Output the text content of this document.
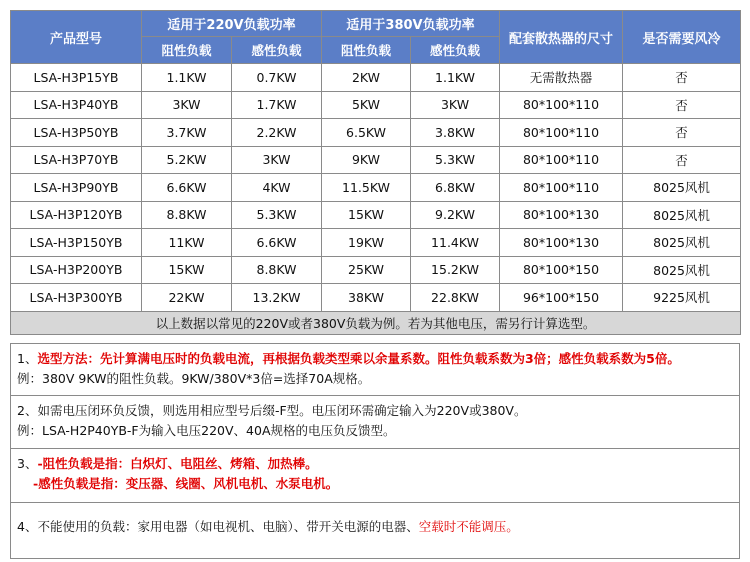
产品型号	适用于220V负载功率		适用于380V负载功率		配套散热器的尺寸	是否需要风冷
	阻性负载	感性负载	阻性负载	感性负载		
LSA-H3P15YB	1.1KW	0.7KW	2KW	1.1KW	无需散热器	否
LSA-H3P40YB	3KW	1.7KW	5KW	3KW	80*100*110	否
LSA-H3P50YB	3.7KW	2.2KW	6.5KW	3.8KW	80*100*110	否
LSA-H3P70YB	5.2KW	3KW	9KW	5.3KW	80*100*110	否
LSA-H3P90YB	6.6KW	4KW	11.5KW	6.8KW	80*100*110	8025风机
LSA-H3P120YB	8.8KW	5.3KW	15KW	9.2KW	80*100*130	8025风机
LSA-H3P150YB	11KW	6.6KW	19KW	11.4KW	80*100*130	8025风机
LSA-H3P200YB	15KW	8.8KW	25KW	15.2KW	80*100*150	8025风机
LSA-H3P300YB	22KW	13.2KW	38KW	22.8KW	96*100*150	9225风机
以上数据以常见的220V或者380V负载为例。若为其他电压，需另行计算选型。						
1、选型方法：先计算满电压时的负载电流，再根据负载类型乘以余量系数。阻性负载系数为3倍；感性负载系数为5倍。
例：380V 9KW的阻性负载。9KW/380V*3倍=选择70A规格。
2、如需电压闭环负反馈，则选用相应型号后缀-F型。电压闭环需确定输入为220V或380V。
例：LSA-H2P40YB-F为输入电压220V、40A规格的电压负反馈型。
3、-阻性负载是指：白炽灯、电阻丝、烤箱、加热棒。
-感性负载是指：变压器、线圈、风机电机、水泵电机。
4、不能使用的负载：家用电器（如电视机、电脑）、带开关电源的电器、空载时不能调压。
